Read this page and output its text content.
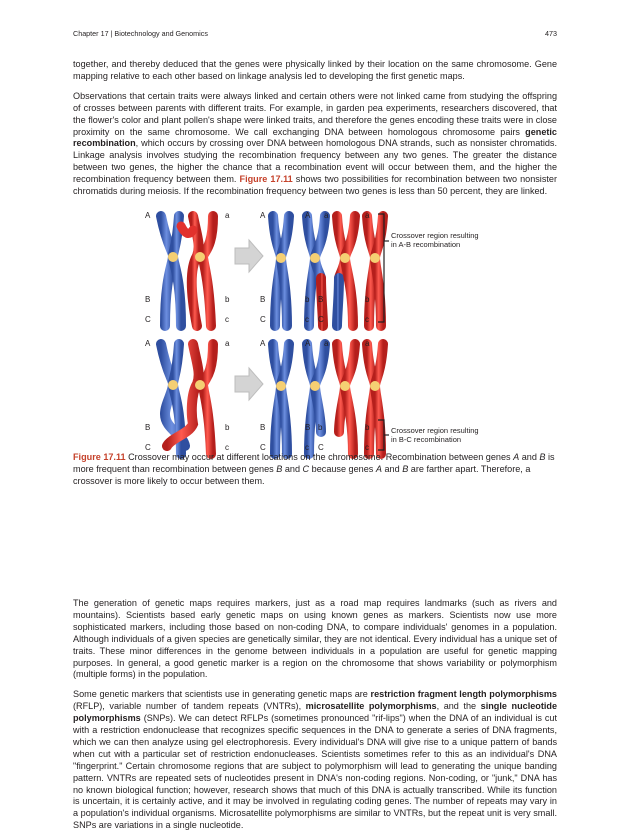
Chapter 17 | Biotechnology and Genomics	473

together, and thereby deduced that the genes were physically linked by their location on the same chromosome. Gene mapping relative to each other based on linkage analysis led to developing the first genetic maps.

Observations that certain traits were always linked and certain others were not linked came from studying the offspring of crosses between parents with different traits. For example, in garden pea experiments, researchers discovered, that the flower's color and plant pollen's shape were linked traits, and therefore the genes encoding these traits were in close proximity on the same chromosome. We call exchanging DNA between homologous chromosome pairs genetic recombination, which occurs by crossing over DNA between homologous DNA strands, such as nonsister chromatids. Linkage analysis involves studying the recombination frequency between any two genes. The greater the distance between two genes, the higher the chance that a recombination event will occur between them, and the higher the recombination frequency between them. Figure 17.11 shows two possibilities for recombination between two nonsister chromatids during meiosis. If the recombination frequency between two genes is less than 50 percent, they are linked.

A	a
B	b
C	c
A	A a	a
B	b B	b
C	c C	c
Crossover region resulting
in A-B recombination
A	a
B	b
C	c
A	A a	a
B	B b	b
C	c C	c
Crossover region resulting
in B-C recombination

Figure 17.11 Crossover may occur at different locations on the chromosome. Recombination between genes A and B is more frequent than recombination between genes B and C because genes A and B are farther apart. Therefore, a crossover is more likely to occur between them.

The generation of genetic maps requires markers, just as a road map requires landmarks (such as rivers and mountains). Scientists based early genetic maps on using known genes as markers. Scientists now use more sophisticated markers, including those based on non-coding DNA, to compare individuals' genomes in a population. Although individuals of a given species are genetically similar, they are not identical. Every individual has a unique set of traits. These minor differences in the genome between individuals in a population are useful for genetic mapping purposes. In general, a good genetic marker is a region on the chromosome that shows variability or polymorphism (multiple forms) in the population.

Some genetic markers that scientists use in generating genetic maps are restriction fragment length polymorphisms (RFLP), variable number of tandem repeats (VNTRs), microsatellite polymorphisms, and the single nucleotide polymorphisms (SNPs). We can detect RFLPs (sometimes pronounced "rif-lips") when the DNA of an individual is cut with a restriction endonuclease that recognizes specific sequences in the DNA to generate a series of DNA fragments, which we can then analyze using gel electrophoresis. Every individual's DNA will give rise to a unique pattern of bands when cut with a particular set of restriction endonucleases. Scientists sometimes refer to this as an individual's DNA "fingerprint." Certain chromosome regions that are subject to polymorphism will lead to generating the unique banding pattern. VNTRs are repeated sets of nucleotides present in DNA's non-coding regions. Non-coding, or "junk," DNA has no known biological function; however, research shows that much of this DNA is actually transcribed. While its function is uncertain, it is certainly active, and it may be involved in regulating coding genes. The number of repeats may vary in a population's individual organisms. Microsatellite polymorphisms are similar to VNTRs, but the repeat unit is very small. SNPs are variations in a single nucleotide.
